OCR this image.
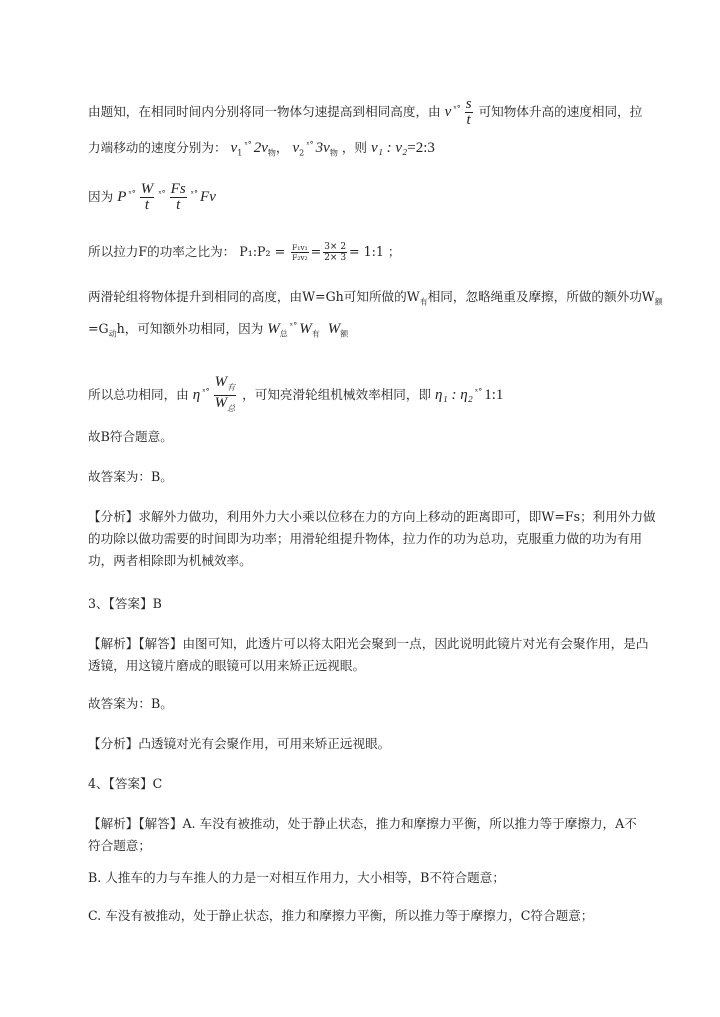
由题知，在相同时间内分别将同一物体匀速提高到相同高度，由 v $^{ˣ^\circ} \frac{s}{t}$ 可知物体升高的速度相同，拉
力端移动的速度分别为： $v_1^{ˣ^\circ}$ $2v_物$， $v_2^{ˣ^\circ}$ $3v_物$ ，则 v₁ : v₂=2:3
因为 P $^{ˣ^\circ} \frac{W}{t} ^{ˣ^\circ} \frac{Fs}{t} ^{ˣ^\circ}$ Fv
所以拉力F的功率之比为： P₁:P₂ = $\frac{\text{F₁v₁}}{\text{F₂v₂}} = \frac{3\times 2}{2\times 3}$ = 1:1 ；
两滑轮组将物体提升到相同的高度，由W=Gh可知所做的$W_有$相同，忽略绳重及摩擦，所做的额外功$W_额$
$=G_动h$，可知额外功相同，因为 $W_总^{ˣ^\circ}$ $W_有$ $W_额$
所以总功相同，由 η $^{ˣ^\circ} \frac{W_有}{W_总}$ ，可知亮滑轮组机械效率相同，即 η₁ : η₂ $^{ˣ^\circ}$ 1:1
故B符合题意。
故答案为：B。
【分析】求解外力做功，利用外力大小乘以位移在力的方向上移动的距离即可，即W=Fs；利用外力做
的功除以做功需要的时间即为功率；用滑轮组提升物体，拉力作的功为总功，克服重力做的功为有用
功，两者相除即为机械效率。
3、【答案】B
【解析】【解答】由图可知，此透片可以将太阳光会聚到一点，因此说明此镜片对光有会聚作用，是凸
透镜，用这镜片磨成的眼镜可以用来矫正远视眼。
故答案为：B。
【分析】凸透镜对光有会聚作用，可用来矫正远视眼。
4、【答案】C
【解析】【解答】A. 车没有被推动，处于静止状态，推力和摩擦力平衡，所以推力等于摩擦力，A不
符合题意；
B. 人推车的力与车推人的力是一对相互作用力，大小相等，B不符合题意；
C. 车没有被推动，处于静止状态，推力和摩擦力平衡，所以推力等于摩擦力，C符合题意；
